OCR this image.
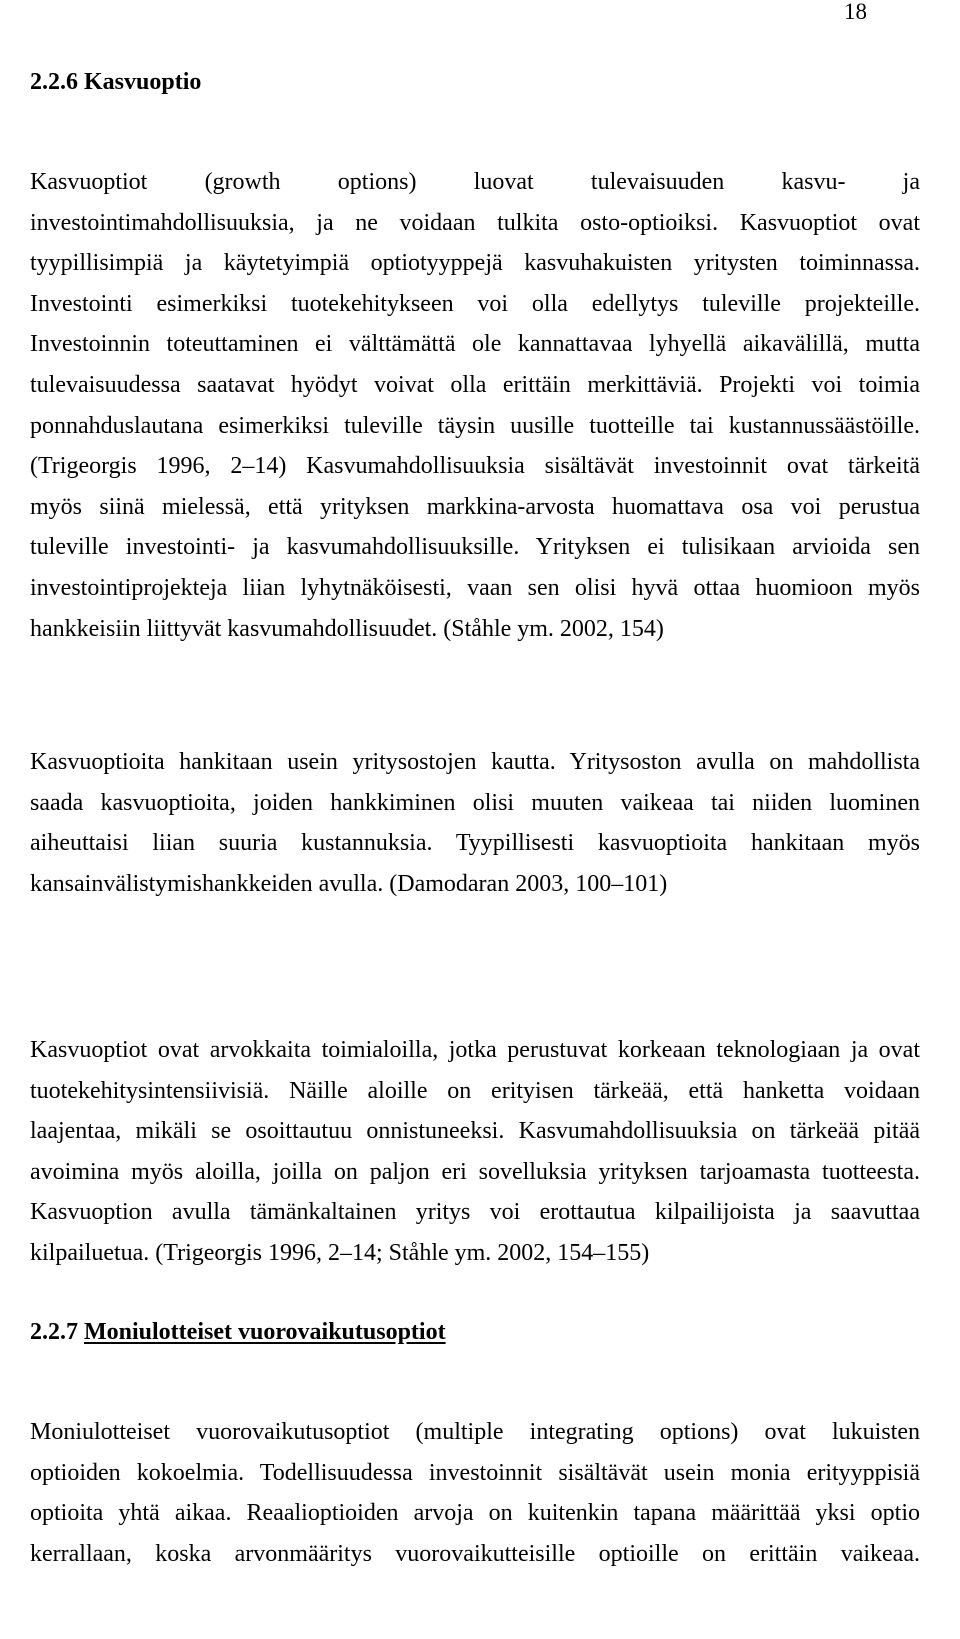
18
2.2.6 Kasvuoptio
Kasvuoptiot (growth options) luovat tulevaisuuden kasvu- ja
investointimahdollisuuksia, ja ne voidaan tulkita osto-optioiksi. Kasvuoptiot ovat
tyypillisimpiä ja käytetyimpiä optiotyyppejä kasvuhakuisten yritysten toiminnassa.
Investointi esimerkiksi tuotekehitykseen voi olla edellytys tuleville projekteille.
Investoinnin toteuttaminen ei välttämättä ole kannattavaa lyhyellä aikavälillä, mutta
tulevaisuudessa saatavat hyödyt voivat olla erittäin merkittäviä. Projekti voi toimia
ponnahduslautana esimerkiksi tuleville täysin uusille tuotteille tai kustannussäästöille.
(Trigeorgis 1996, 2–14) Kasvumahdollisuuksia sisältävät investoinnit ovat tärkeitä
myös siinä mielessä, että yrityksen markkina-arvosta huomattava osa voi perustua
tuleville investointi- ja kasvumahdollisuuksille. Yrityksen ei tulisikaan arvioida sen
investointiprojekteja liian lyhytnäköisesti, vaan sen olisi hyvä ottaa huomioon myös
hankkeisiin liittyvät kasvumahdollisuudet. (Ståhle ym. 2002, 154)
Kasvuoptioita hankitaan usein yritysostojen kautta. Yritysoston avulla on mahdollista
saada kasvuoptioita, joiden hankkiminen olisi muuten vaikeaa tai niiden luominen
aiheuttaisi liian suuria kustannuksia. Tyypillisesti kasvuoptioita hankitaan myös
kansainvälistymishankkeiden avulla. (Damodaran 2003, 100–101)
Kasvuoptiot ovat arvokkaita toimialoilla, jotka perustuvat korkeaan teknologiaan ja ovat
tuotekehitysintensiivisiä. Näille aloille on erityisen tärkeää, että hanketta voidaan
laajentaa, mikäli se osoittautuu onnistuneeksi. Kasvumahdollisuuksia on tärkeää pitää
avoimina myös aloilla, joilla on paljon eri sovelluksia yrityksen tarjoamasta tuotteesta.
Kasvuoption avulla tämänkaltainen yritys voi erottautua kilpailijoista ja saavuttaa
kilpailuetua. (Trigeorgis 1996, 2–14; Ståhle ym. 2002, 154–155)
2.2.7 Moniulotteiset vuorovaikutusoptiot
Moniulotteiset vuorovaikutusoptiot (multiple integrating options) ovat lukuisten
optioiden kokoelmia. Todellisuudessa investoinnit sisältävät usein monia erityyppisiä
optioita yhtä aikaa. Reaalioptioiden arvoja on kuitenkin tapana määrittää yksi optio
kerrallaan, koska arvonmääritys vuorovaikutteisille optioille on erittäin vaikeaa.
